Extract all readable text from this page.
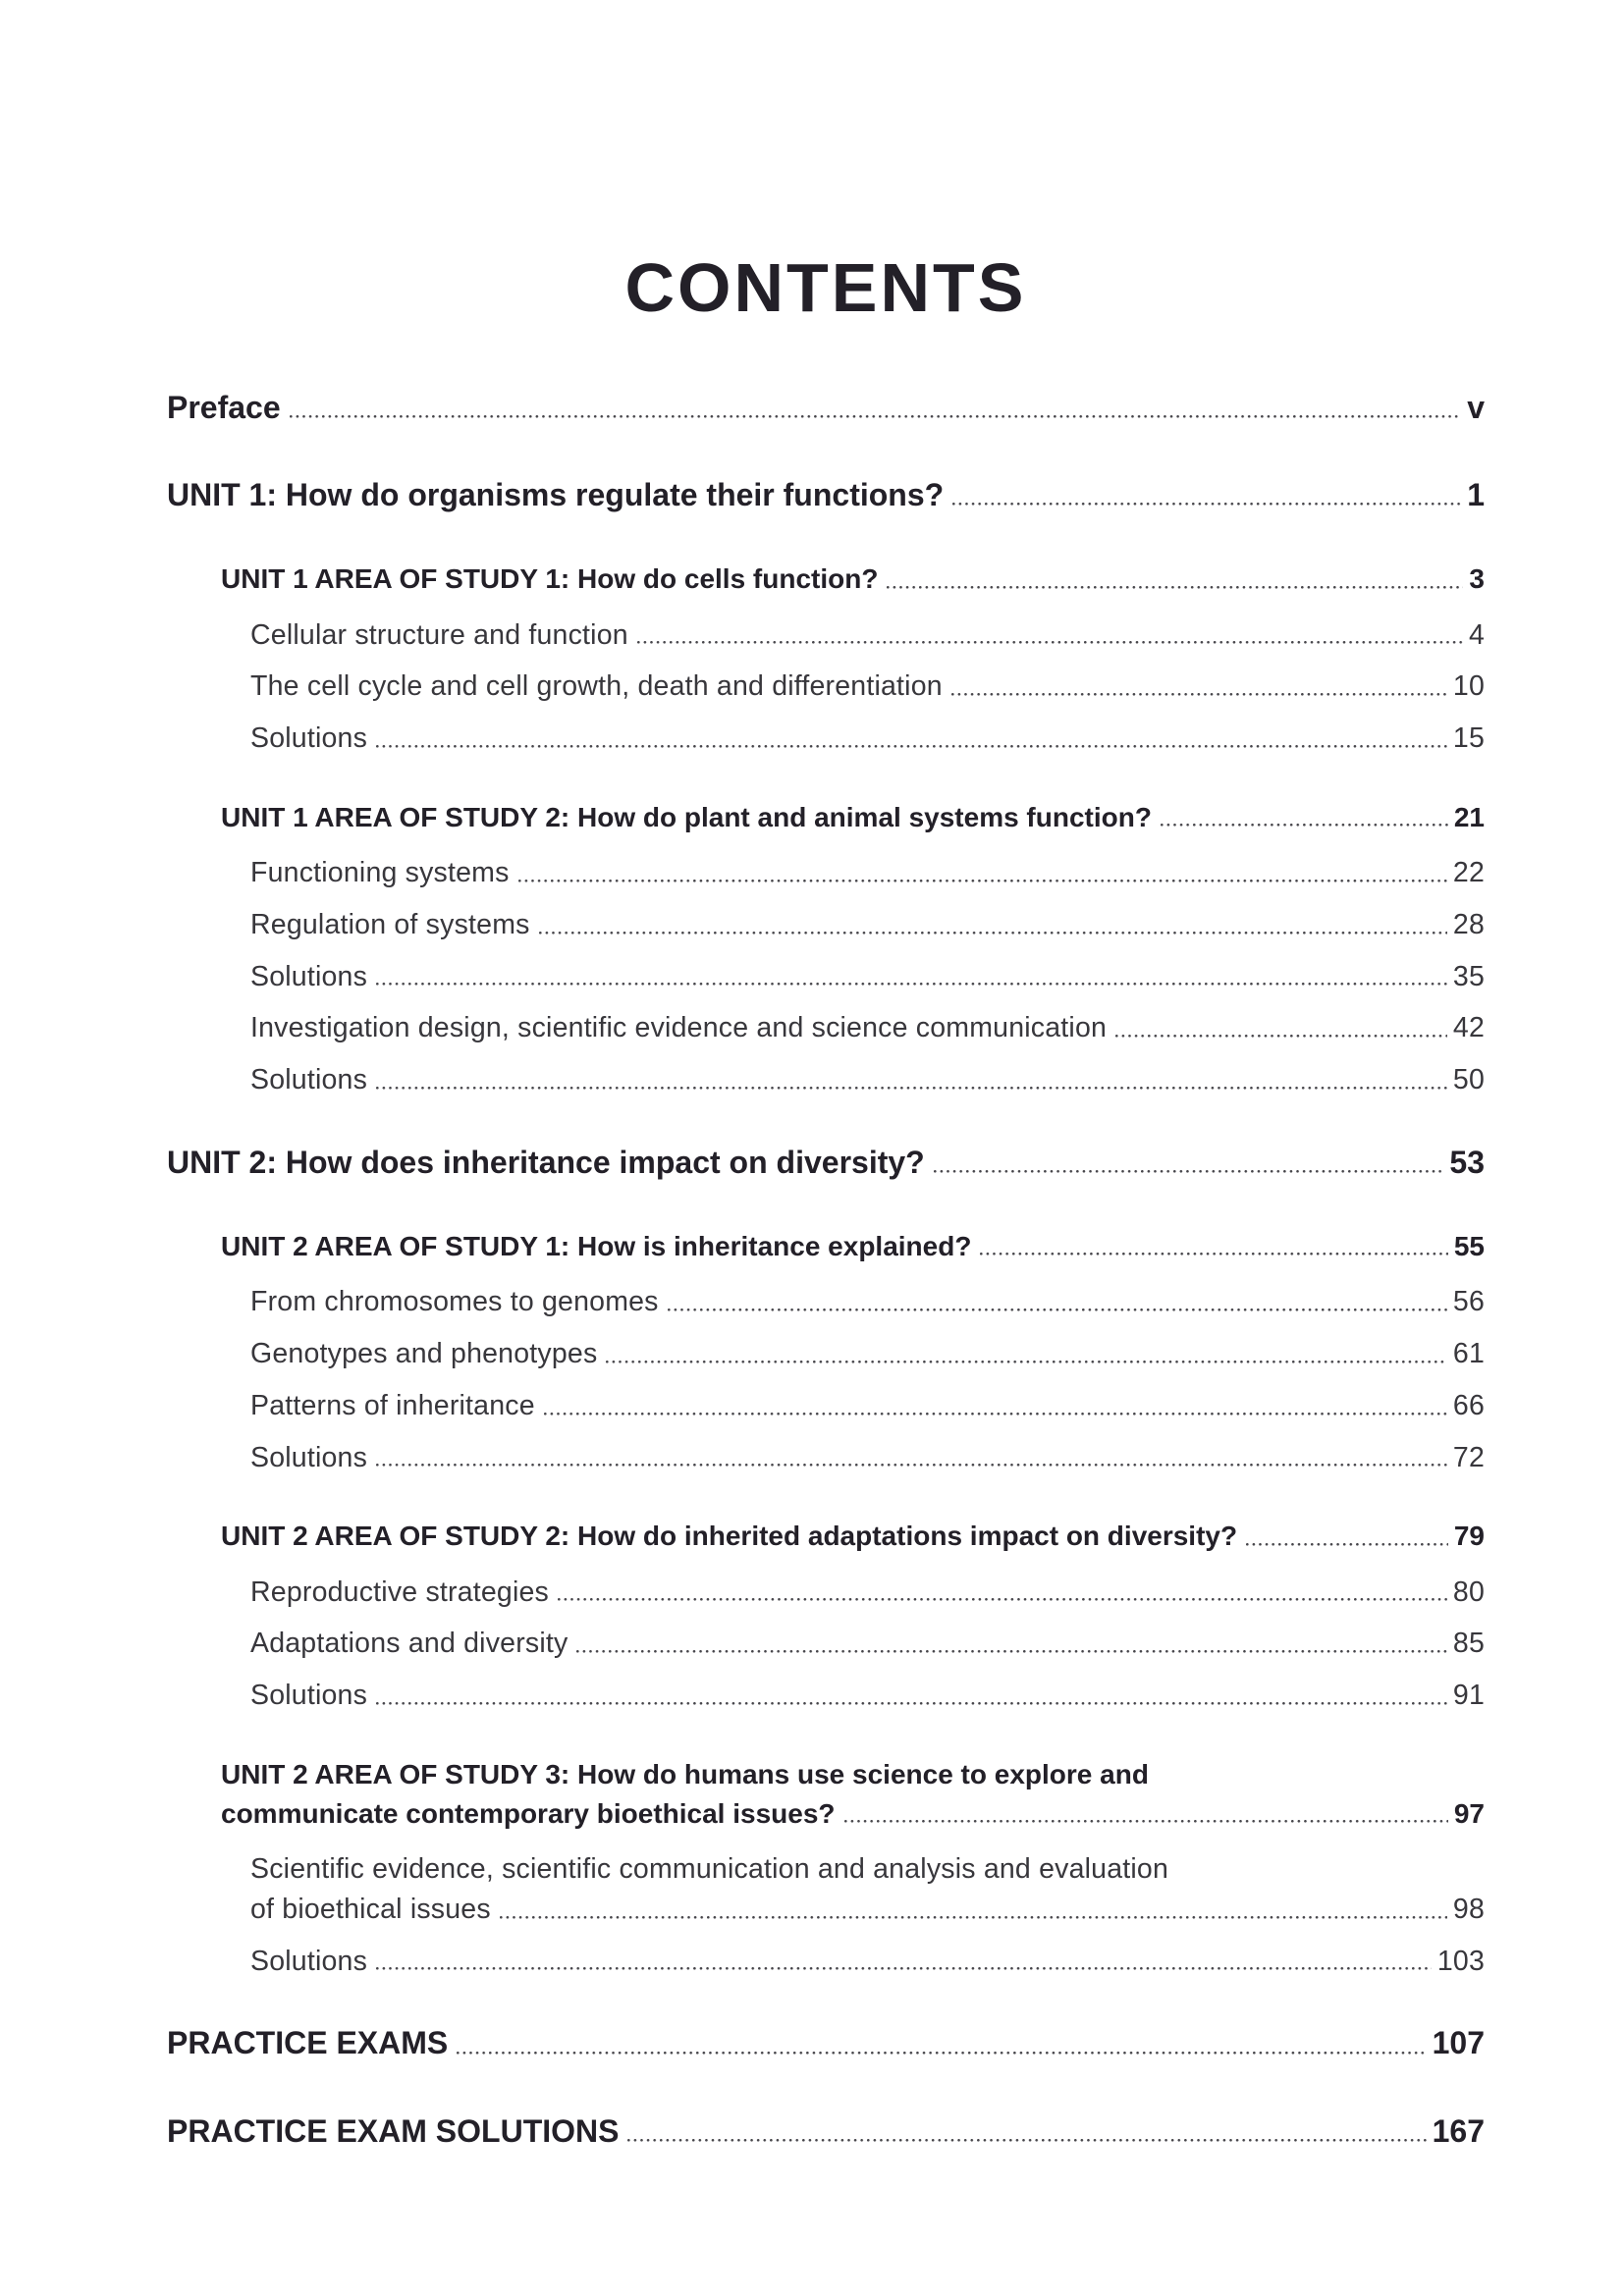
CONTENTS
Preface	v
UNIT 1: How do organisms regulate their functions?	1
UNIT 1 AREA OF STUDY 1: How do cells function?	3
Cellular structure and function	4
The cell cycle and cell growth, death and differentiation	10
Solutions	15
UNIT 1 AREA OF STUDY 2: How do plant and animal systems function?	21
Functioning systems	22
Regulation of systems	28
Solutions	35
Investigation design, scientific evidence and science communication	42
Solutions	50
UNIT 2: How does inheritance impact on diversity?	53
UNIT 2 AREA OF STUDY 1: How is inheritance explained?	55
From chromosomes to genomes	56
Genotypes and phenotypes	61
Patterns of inheritance	66
Solutions	72
UNIT 2 AREA OF STUDY 2: How do inherited adaptations impact on diversity?	79
Reproductive strategies	80
Adaptations and diversity	85
Solutions	91
UNIT 2 AREA OF STUDY 3: How do humans use science to explore and
communicate contemporary bioethical issues?	97
Scientific evidence, scientific communication and analysis and evaluation
of bioethical issues	98
Solutions	103
PRACTICE EXAMS	107
PRACTICE EXAM SOLUTIONS	167
